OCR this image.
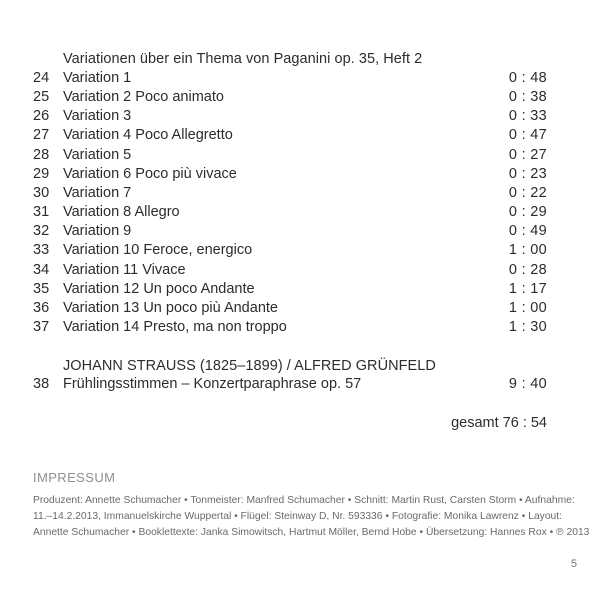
Variationen über ein Thema von Paganini op. 35, Heft 2
24 Variation 1	0 : 48
25 Variation 2 Poco animato	0 : 38
26 Variation 3	0 : 33
27 Variation 4 Poco Allegretto	0 : 47
28 Variation 5	0 : 27
29 Variation 6 Poco più vivace	0 : 23
30 Variation 7	0 : 22
31 Variation 8 Allegro	0 : 29
32 Variation 9	0 : 49
33 Variation 10 Feroce, energico	1 : 00
34 Variation 11 Vivace	0 : 28
35 Variation 12 Un poco Andante	1 : 17
36 Variation 13 Un poco più Andante	1 : 00
37 Variation 14 Presto, ma non troppo	1 : 30
JOHANN STRAUSS (1825–1899) / ALFRED GRÜNFELD
38 Frühlingsstimmen – Konzertparaphrase op. 57	9 : 40
gesamt 76 : 54
IMPRESSUM
Produzent: Annette Schumacher • Tonmeister: Manfred Schumacher • Schnitt: Martin Rust, Carsten Storm • Aufnahme:
11.–14.2.2013, Immanuelskirche Wuppertal • Flügel: Steinway D, Nr. 593336 • Fotografie: Monika Lawrenz • Layout:
Annette Schumacher • Booklettexte: Janka Simowitsch, Hartmut Möller, Bernd Hobe • Übersetzung: Hannes Rox • ℗ 2013
5
